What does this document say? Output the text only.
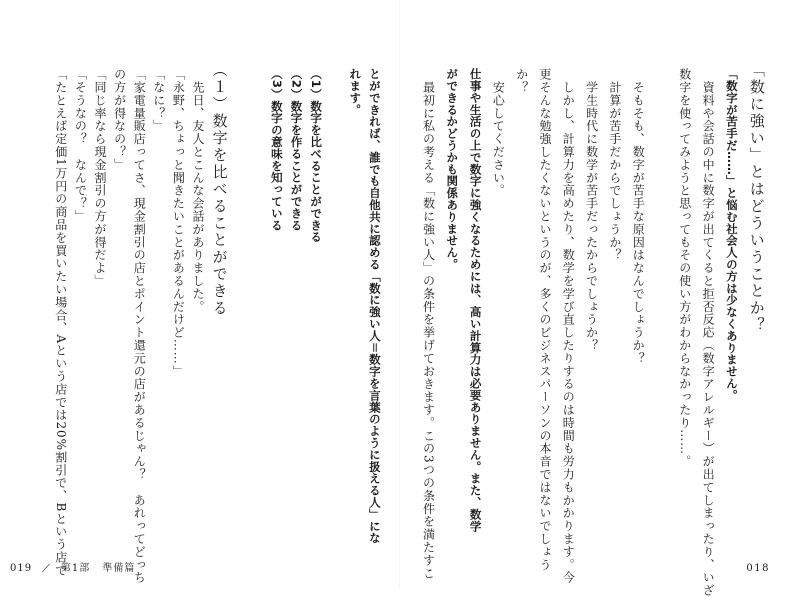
「数に強い」とはどういうことか？
「数字が苦手だ……」と悩む社会人の方は少なくありません。
　資料や会話の中に数字が出てくると拒否反応（数字アレルギー）が出てしまったり、いざ
数字を使ってみようと思ってもその使い方がわからなかったり……。
　そもそも、数字が苦手な原因はなんでしょうか？
　計算が苦手だからでしょうか？
　学生時代に数学が苦手だったからでしょうか？
　しかし、計算力を高めたり、数学を学び直したりするのは時間も労力もかかります。今
更そんな勉強したくないというのが、多くのビジネスパーソンの本音ではないでしょう
か？
　安心してください。
仕事や生活の上で数字に強くなるためには、高い計算力は必要ありません。また、数学
ができるかどうかも関係ありません。
　最初に私の考える「数に強い人」の条件を挙げておきます。この3つの条件を満たすこ
とができれば、誰でも自他共に認める「数に強い人＝数字を言葉のように扱える人」にな
れます。
（1）数字を比べることができる
（2）数字を作ることができる
（3）数字の意味を知っている
（１）数字を比べることができる
　先日、友人とこんな会話がありました。
「永野、ちょっと聞きたいことがあるんだけど……」
「なに？」
「家電量販店ってさ、現金割引の店とポイント還元の店があるじゃん？　あれってどっち
の方が得なの？」
「同じ率なら現金割引の方が得だよ」
「そうなの？　なんで？」
「たとえば定価1万円の商品を買いたい場合、Aという店では20%割引で、Bという店で
019 / 第1部 準備篇	018
